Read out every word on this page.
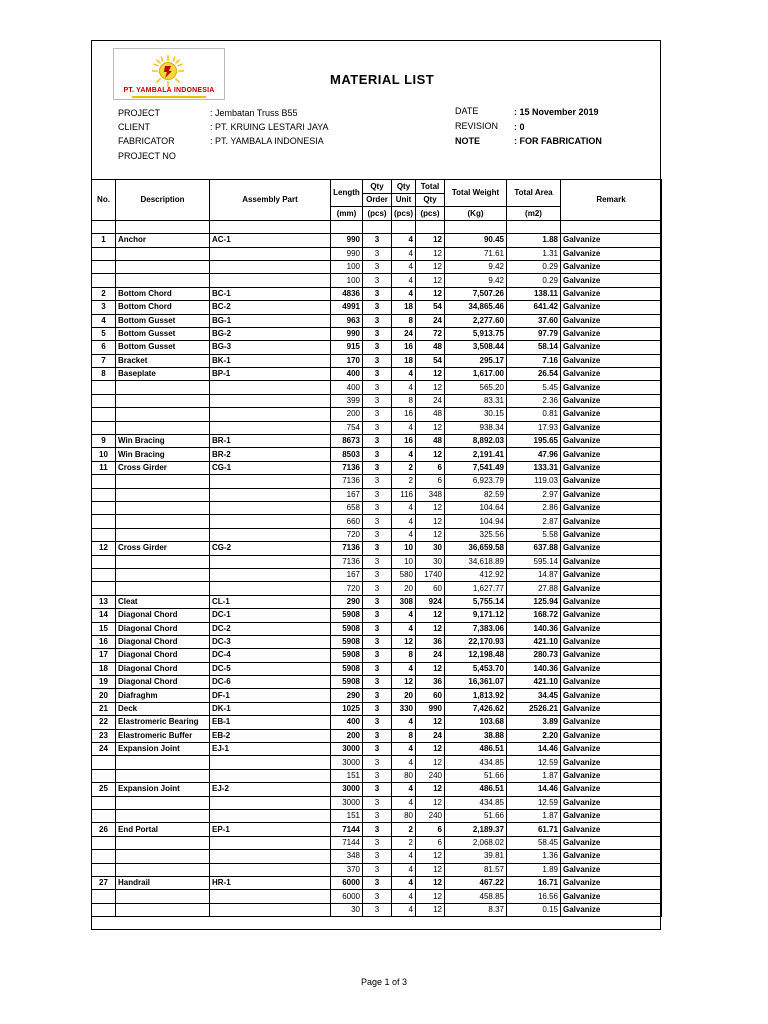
PT. YAMBALA INDONESIA
MATERIAL LIST
PROJECT	: Jembatan Truss B55
CLIENT	: PT. KRUING LESTARI JAYA
FABRICATOR	: PT. YAMBALA INDONESIA
PROJECT NO
DATE	: 15 November 2019
REVISION : 0
NOTE	: FOR FABRICATION
No.	Description	Assembly Part	Length	Qty	Qty	Total	Total Weight	Total Area	Remark
				Order	Unit	Qty			
			(mm)	(pcs)	(pcs)	(pcs)	(Kg)	(m2)	

1	Anchor	AC-1	990	3	4	12	90.45	1.88	Galvanize
			990	3	4	12	71.61	1.31	Galvanize
			100	3	4	12	9.42	0.29	Galvanize
			100	3	4	12	9.42	0.29	Galvanize
2	Bottom Chord	BC-1	4836	3	4	12	7,507.26	138.11	Galvanize
3	Bottom Chord	BC-2	4991	3	18	54	34,865.46	641.42	Galvanize
4	Bottom Gusset	BG-1	963	3	8	24	2,277.60	37.60	Galvanize
5	Bottom Gusset	BG-2	990	3	24	72	5,913.75	97.79	Galvanize
6	Bottom Gusset	BG-3	915	3	16	48	3,508.44	58.14	Galvanize
7	Bracket	BK-1	170	3	18	54	295.17	7.16	Galvanize
8	Baseplate	BP-1	400	3	4	12	1,617.00	26.54	Galvanize
			400	3	4	12	565.20	5.45	Galvanize
			399	3	8	24	83.31	2.36	Galvanize
			200	3	16	48	30.15	0.81	Galvanize
			754	3	4	12	938.34	17.93	Galvanize
9	Win Bracing	BR-1	8673	3	16	48	8,892.03	195.65	Galvanize
10	Win Bracing	BR-2	8503	3	4	12	2,191.41	47.96	Galvanize
11	Cross Girder	CG-1	7136	3	2	6	7,541.49	133.31	Galvanize
			7136	3	2	6	6,923.79	119.03	Galvanize
			167	3	116	348	82.59	2.97	Galvanize
			658	3	4	12	104.64	2.86	Galvanize
			660	3	4	12	104.94	2.87	Galvanize
			720	3	4	12	325.56	5.58	Galvanize
12	Cross Girder	CG-2	7136	3	10	30	36,659.58	637.88	Galvanize
			7136	3	10	30	34,618.89	595.14	Galvanize
			167	3	580	1740	412.92	14.87	Galvanize
			720	3	20	60	1,627.77	27.88	Galvanize
13	Cleat	CL-1	290	3	308	924	5,755.14	125.94	Galvanize
14	Diagonal Chord	DC-1	5908	3	4	12	9,171.12	168.72	Galvanize
15	Diagonal Chord	DC-2	5908	3	4	12	7,383.06	140.36	Galvanize
16	Diagonal Chord	DC-3	5908	3	12	36	22,170.93	421.10	Galvanize
17	Diagonal Chord	DC-4	5908	3	8	24	12,198.48	280.73	Galvanize
18	Diagonal Chord	DC-5	5908	3	4	12	5,453.70	140.36	Galvanize
19	Diagonal Chord	DC-6	5908	3	12	36	16,361.07	421.10	Galvanize
20	Diafraghm	DF-1	290	3	20	60	1,813.92	34.45	Galvanize
21	Deck	DK-1	1025	3	330	990	7,426.62	2526.21	Galvanize
22	Elastromeric Bearing	EB-1	400	3	4	12	103.68	3.89	Galvanize
23	Elastromeric Buffer	EB-2	200	3	8	24	38.88	2.20	Galvanize
24	Expansion Joint	EJ-1	3000	3	4	12	486.51	14.46	Galvanize
			3000	3	4	12	434.85	12.59	Galvanize
			151	3	80	240	51.66	1.87	Galvanize
25	Expansion Joint	EJ-2	3000	3	4	12	486.51	14.46	Galvanize
			3000	3	4	12	434.85	12.59	Galvanize
			151	3	80	240	51.66	1.87	Galvanize
26	End Portal	EP-1	7144	3	2	6	2,189.37	61.71	Galvanize
			7144	3	2	6	2,068.02	58.45	Galvanize
			348	3	4	12	39.81	1.36	Galvanize
			370	3	4	12	81.57	1.89	Galvanize
27	Handrail	HR-1	6000	3	4	12	467.22	16.71	Galvanize
			6000	3	4	12	458.85	16.56	Galvanize
			30	3	4	12	8.37	0.15	Galvanize
Page 1 of 3
